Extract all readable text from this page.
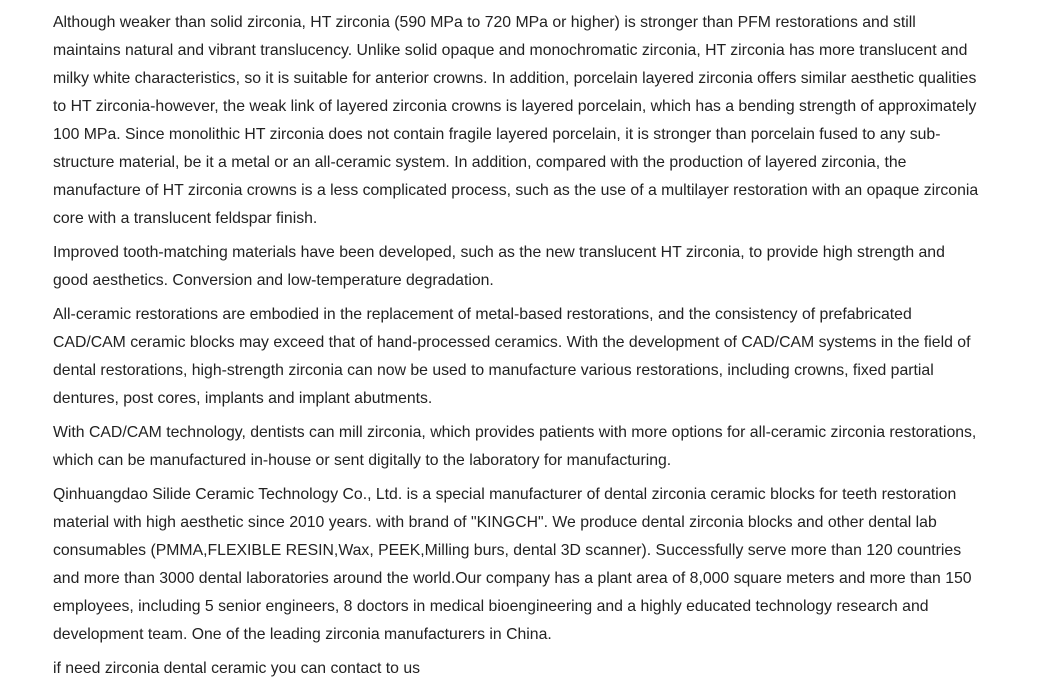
Although weaker than solid zirconia, HT zirconia (590 MPa to 720 MPa or higher) is stronger than PFM restorations and still maintains natural and vibrant translucency. Unlike solid opaque and monochromatic zirconia, HT zirconia has more translucent and milky white characteristics, so it is suitable for anterior crowns. In addition, porcelain layered zirconia offers similar aesthetic qualities to HT zirconia-however, the weak link of layered zirconia crowns is layered porcelain, which has a bending strength of approximately 100 MPa. Since monolithic HT zirconia does not contain fragile layered porcelain, it is stronger than porcelain fused to any sub-structure material, be it a metal or an all-ceramic system. In addition, compared with the production of layered zirconia, the manufacture of HT zirconia crowns is a less complicated process, such as the use of a multilayer restoration with an opaque zirconia core with a translucent feldspar finish.

Improved tooth-matching materials have been developed, such as the new translucent HT zirconia, to provide high strength and good aesthetics. Conversion and low-temperature degradation.

All-ceramic restorations are embodied in the replacement of metal-based restorations, and the consistency of prefabricated CAD/CAM ceramic blocks may exceed that of hand-processed ceramics. With the development of CAD/CAM systems in the field of dental restorations, high-strength zirconia can now be used to manufacture various restorations, including crowns, fixed partial dentures, post cores, implants and implant abutments.

With CAD/CAM technology, dentists can mill zirconia, which provides patients with more options for all-ceramic zirconia restorations, which can be manufactured in-house or sent digitally to the laboratory for manufacturing.

Qinhuangdao Silide Ceramic Technology Co., Ltd. is a special manufacturer of dental zirconia ceramic blocks for teeth restoration material with high aesthetic since 2010 years. with brand of "KINGCH". We produce dental zirconia blocks and other dental lab consumables (PMMA,FLEXIBLE RESIN,Wax, PEEK,Milling burs, dental 3D scanner). Successfully serve more than 120 countries and more than 3000 dental laboratories around the world.Our company has a plant area of 8,000 square meters and more than 150 employees, including 5 senior engineers, 8 doctors in medical bioengineering and a highly educated technology research and development team. One of the leading zirconia manufacturers in China.

if need zirconia dental ceramic you can contact to us
